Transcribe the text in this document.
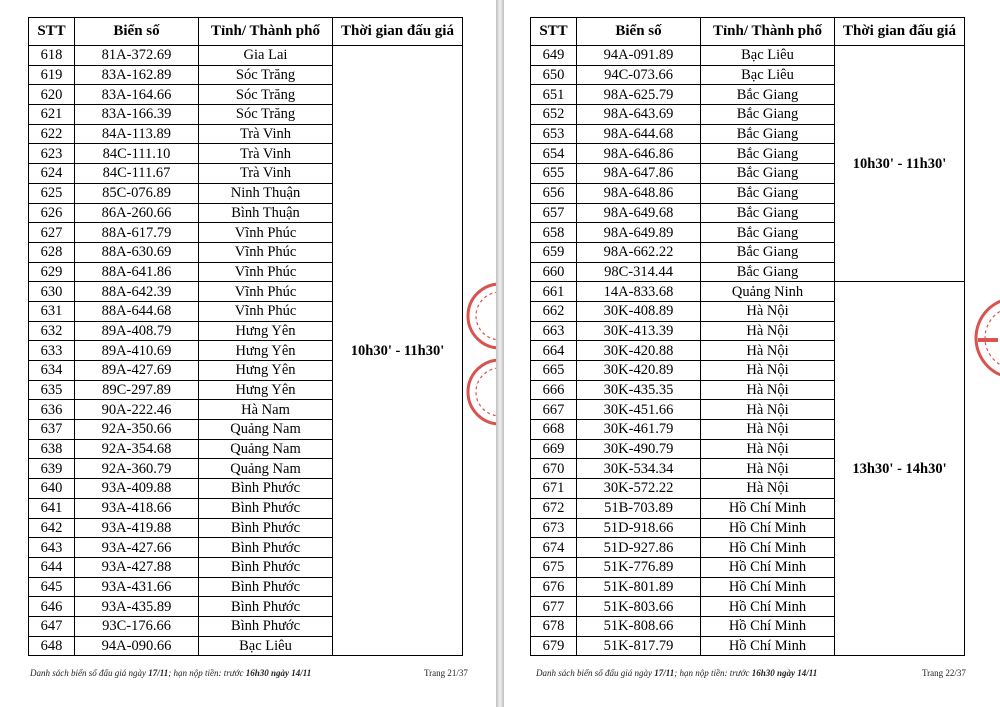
STT	Biển số	Tỉnh/ Thành phố	Thời gian đấu giá
618	81A-372.69	Gia Lai	10h30' - 11h30'
619	83A-162.89	Sóc Trăng	
620	83A-164.66	Sóc Trăng	
621	83A-166.39	Sóc Trăng	
622	84A-113.89	Trà Vinh	
623	84C-111.10	Trà Vinh	
624	84C-111.67	Trà Vinh	
625	85C-076.89	Ninh Thuận	
626	86A-260.66	Bình Thuận	
627	88A-617.79	Vĩnh Phúc	
628	88A-630.69	Vĩnh Phúc	
629	88A-641.86	Vĩnh Phúc	
630	88A-642.39	Vĩnh Phúc	
631	88A-644.68	Vĩnh Phúc	
632	89A-408.79	Hưng Yên	
633	89A-410.69	Hưng Yên	
634	89A-427.69	Hưng Yên	
635	89C-297.89	Hưng Yên	
636	90A-222.46	Hà Nam	
637	92A-350.66	Quảng Nam	
638	92A-354.68	Quảng Nam	
639	92A-360.79	Quảng Nam	
640	93A-409.88	Bình Phước	
641	93A-418.66	Bình Phước	
642	93A-419.88	Bình Phước	
643	93A-427.66	Bình Phước	
644	93A-427.88	Bình Phước	
645	93A-431.66	Bình Phước	
646	93A-435.89	Bình Phước	
647	93C-176.66	Bình Phước	
648	94A-090.66	Bạc Liêu	
Danh sách biển số đấu giá ngày 17/11; hạn nộp tiền: trước 16h30 ngày 14/11	Trang 21/37
STT	Biển số	Tỉnh/ Thành phố	Thời gian đấu giá
649	94A-091.89	Bạc Liêu	10h30' - 11h30'
650	94C-073.66	Bạc Liêu	
651	98A-625.79	Bắc Giang	
652	98A-643.69	Bắc Giang	
653	98A-644.68	Bắc Giang	
654	98A-646.86	Bắc Giang	
655	98A-647.86	Bắc Giang	
656	98A-648.86	Bắc Giang	
657	98A-649.68	Bắc Giang	
658	98A-649.89	Bắc Giang	
659	98A-662.22	Bắc Giang	
660	98C-314.44	Bắc Giang	
661	14A-833.68	Quảng Ninh	13h30' - 14h30'
662	30K-408.89	Hà Nội	
663	30K-413.39	Hà Nội	
664	30K-420.88	Hà Nội	
665	30K-420.89	Hà Nội	
666	30K-435.35	Hà Nội	
667	30K-451.66	Hà Nội	
668	30K-461.79	Hà Nội	
669	30K-490.79	Hà Nội	
670	30K-534.34	Hà Nội	
671	30K-572.22	Hà Nội	
672	51B-703.89	Hồ Chí Minh	
673	51D-918.66	Hồ Chí Minh	
674	51D-927.86	Hồ Chí Minh	
675	51K-776.89	Hồ Chí Minh	
676	51K-801.89	Hồ Chí Minh	
677	51K-803.66	Hồ Chí Minh	
678	51K-808.66	Hồ Chí Minh	
679	51K-817.79	Hồ Chí Minh	
Danh sách biển số đấu giá ngày 17/11; hạn nộp tiền: trước 16h30 ngày 14/11	Trang 22/37
